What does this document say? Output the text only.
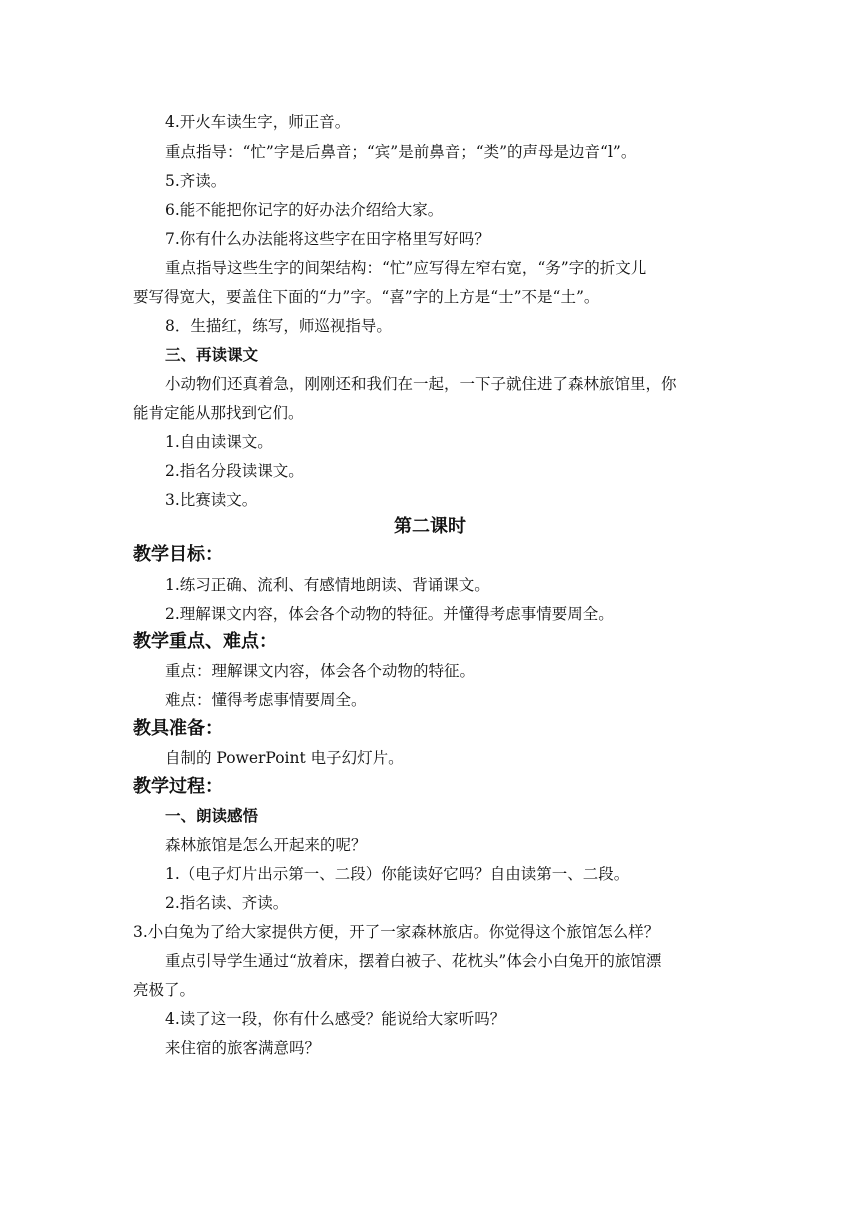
4.开火车读生字，师正音。
重点指导：“忙”字是后鼻音；“宾”是前鼻音；“类”的声母是边音“l”。
5.齐读。
6.能不能把你记字的好办法介绍给大家。
7.你有什么办法能将这些字在田字格里写好吗？
重点指导这些生字的间架结构：“忙”应写得左窄右宽，“务”字的折文儿
要写得宽大，要盖住下面的“力”字。“喜”字的上方是“士”不是“土”。
8．生描红，练写，师巡视指导。
三、再读课文
小动物们还真着急，刚刚还和我们在一起，一下子就住进了森林旅馆里，你
能肯定能从那找到它们。
1.自由读课文。
2.指名分段读课文。
3.比赛读文。
第二课时
教学目标：
1.练习正确、流利、有感情地朗读、背诵课文。
2.理解课文内容，体会各个动物的特征。并懂得考虑事情要周全。
教学重点、难点：
重点：理解课文内容，体会各个动物的特征。
难点：懂得考虑事情要周全。
教具准备：
自制的 PowerPoint 电子幻灯片。
教学过程：
一、朗读感悟
森林旅馆是怎么开起来的呢？
1.（电子灯片出示第一、二段）你能读好它吗？自由读第一、二段。
2.指名读、齐读。
3.小白兔为了给大家提供方便，开了一家森林旅店。你觉得这个旅馆怎么样？
重点引导学生通过“放着床，摆着白被子、花枕头”体会小白兔开的旅馆漂
亮极了。
4.读了这一段，你有什么感受？能说给大家听吗？
来住宿的旅客满意吗？
